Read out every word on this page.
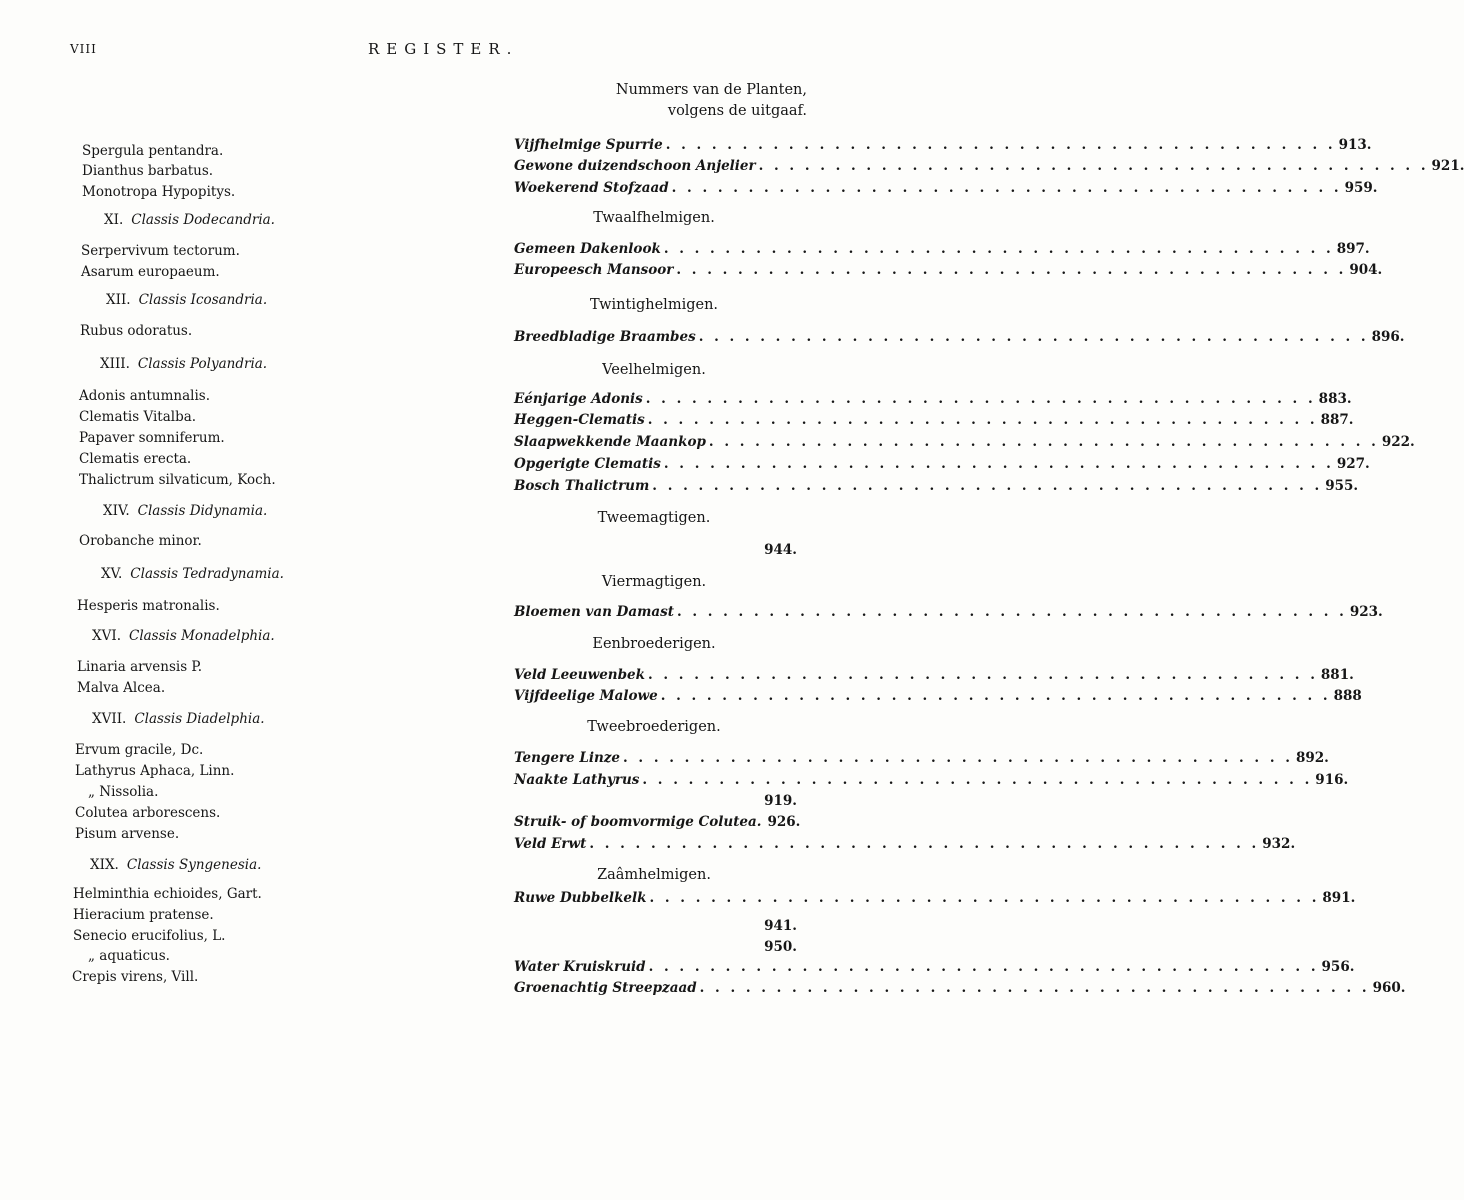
VIII	REGISTER.
Nummers van de Planten,
volgens de uitgaaf.
Spergula pentandra.
Dianthus barbatus.
Monotropa Hypopitys.
XI. Classis Dodecandria.
Serpervivum tectorum.
Asarum europaeum.
XII. Classis Icosandria.
Rubus odoratus.
XIII. Classis Polyandria.
Adonis antumnalis.
Clematis Vitalba.
Papaver somniferum.
Clematis erecta.
Thalictrum silvaticum, Koch.
XIV. Classis Didynamia.
Orobanche minor.
XV. Classis Tedradynamia.
Hesperis matronalis.
XVI. Classis Monadelphia.
Linaria arvensis P.
Malva Alcea.
XVII. Classis Diadelphia.
Ervum gracile, Dc.
Lathyrus Aphaca, Linn.
„ Nissolia.
Colutea arborescens.
Pisum arvense.
XIX. Classis Syngenesia.
Helminthia echioides, Gart.
Hieracium pratense.
Senecio erucifolius, L.
„ aquaticus.
Crepis virens, Vill.
Vijfhelmige Spurrie . . . . . . . . . . . . . . . . . . . . . . . . . . . . . . . . . . . . . . . . . . . . 913.
Gewone duizendschoon Anjelier . . . . . . . . . . . . . . . . . . . . . . . . . . . . . . . . . . . . . . . . . . . . 921.
Woekerend Stofzaad . . . . . . . . . . . . . . . . . . . . . . . . . . . . . . . . . . . . . . . . . . . . 959.
Twaalfhelmigen.
Gemeen Dakenlook . . . . . . . . . . . . . . . . . . . . . . . . . . . . . . . . . . . . . . . . . . . . 897.
Europeesch Mansoor . . . . . . . . . . . . . . . . . . . . . . . . . . . . . . . . . . . . . . . . . . . . 904.
Twintighelmigen.
Breedbladige Braambes . . . . . . . . . . . . . . . . . . . . . . . . . . . . . . . . . . . . . . . . . . . . 896.
Veelhelmigen.
Eénjarige Adonis . . . . . . . . . . . . . . . . . . . . . . . . . . . . . . . . . . . . . . . . . . . . 883.
Heggen-Clematis . . . . . . . . . . . . . . . . . . . . . . . . . . . . . . . . . . . . . . . . . . . . 887.
Slaapwekkende Maankop . . . . . . . . . . . . . . . . . . . . . . . . . . . . . . . . . . . . . . . . . . . . 922.
Opgerigte Clematis . . . . . . . . . . . . . . . . . . . . . . . . . . . . . . . . . . . . . . . . . . . . 927.
Bosch Thalictrum . . . . . . . . . . . . . . . . . . . . . . . . . . . . . . . . . . . . . . . . . . . . 955.
Tweemagtigen.
944.
Viermagtigen.
Bloemen van Damast . . . . . . . . . . . . . . . . . . . . . . . . . . . . . . . . . . . . . . . . . . . . 923.
Eenbroederigen.
Veld Leeuwenbek . . . . . . . . . . . . . . . . . . . . . . . . . . . . . . . . . . . . . . . . . . . . 881.
Vijfdeelige Malowe . . . . . . . . . . . . . . . . . . . . . . . . . . . . . . . . . . . . . . . . . . . . 888
Tweebroederigen.
Tengere Linze . . . . . . . . . . . . . . . . . . . . . . . . . . . . . . . . . . . . . . . . . . . . 892.
Naakte Lathyrus . . . . . . . . . . . . . . . . . . . . . . . . . . . . . . . . . . . . . . . . . . . . 916.
919.
Struik- of boomvormige Colutea. 926.
Veld Erwt . . . . . . . . . . . . . . . . . . . . . . . . . . . . . . . . . . . . . . . . . . . . 932.
Zaâmhelmigen.
Ruwe Dubbelkelk . . . . . . . . . . . . . . . . . . . . . . . . . . . . . . . . . . . . . . . . . . . . 891.
941.
950.
Water Kruiskruid . . . . . . . . . . . . . . . . . . . . . . . . . . . . . . . . . . . . . . . . . . . . 956.
Groenachtig Streepzaad . . . . . . . . . . . . . . . . . . . . . . . . . . . . . . . . . . . . . . . . . . . . 960.
